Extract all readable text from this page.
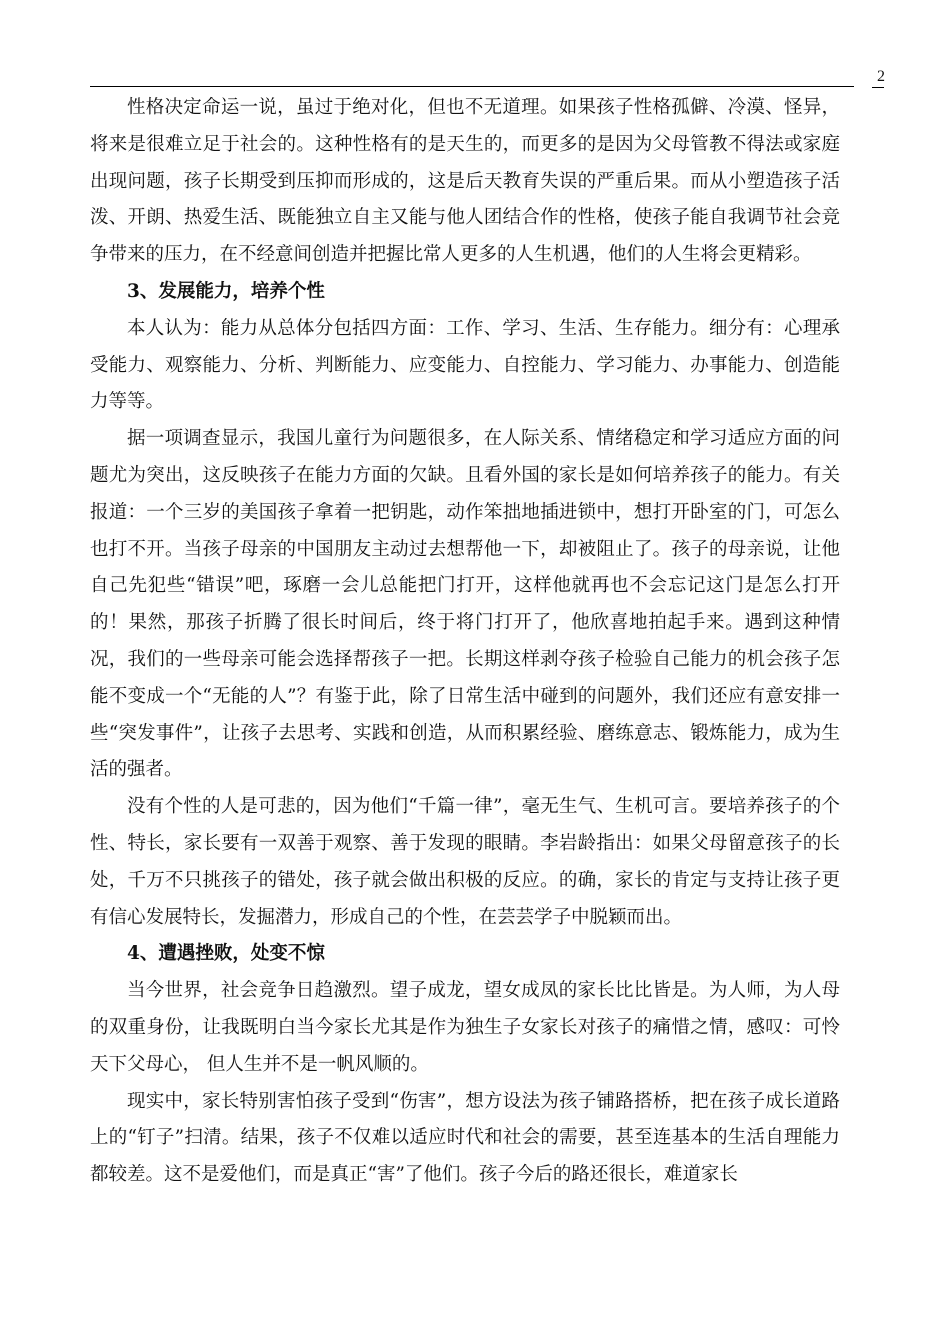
2

性格决定命运一说，虽过于绝对化，但也不无道理。如果孩子性格孤僻、冷漠、怪异，将来是很难立足于社会的。这种性格有的是天生的，而更多的是因为父母管教不得法或家庭出现问题，孩子长期受到压抑而形成的，这是后天教育失误的严重后果。而从小塑造孩子活泼、开朗、热爱生活、既能独立自主又能与他人团结合作的性格，使孩子能自我调节社会竞争带来的压力，在不经意间创造并把握比常人更多的人生机遇，他们的人生将会更精彩。

3、发展能力，培养个性

本人认为：能力从总体分包括四方面：工作、学习、生活、生存能力。细分有：心理承受能力、观察能力、分析、判断能力、应变能力、自控能力、学习能力、办事能力、创造能力等等。

据一项调查显示，我国儿童行为问题很多，在人际关系、情绪稳定和学习适应方面的问题尤为突出，这反映孩子在能力方面的欠缺。且看外国的家长是如何培养孩子的能力。有关报道：一个三岁的美国孩子拿着一把钥匙，动作笨拙地插进锁中，想打开卧室的门，可怎么也打不开。当孩子母亲的中国朋友主动过去想帮他一下，却被阻止了。孩子的母亲说，让他自己先犯些“错误”吧，琢磨一会儿总能把门打开，这样他就再也不会忘记这门是怎么打开的！果然，那孩子折腾了很长时间后，终于将门打开了，他欣喜地拍起手来。遇到这种情况，我们的一些母亲可能会选择帮孩子一把。长期这样剥夺孩子检验自己能力的机会孩子怎能不变成一个“无能的人”？有鉴于此，除了日常生活中碰到的问题外，我们还应有意安排一些“突发事件”，让孩子去思考、实践和创造，从而积累经验、磨练意志、锻炼能力，成为生活的强者。

没有个性的人是可悲的，因为他们“千篇一律”，毫无生气、生机可言。要培养孩子的个性、特长，家长要有一双善于观察、善于发现的眼睛。李岩龄指出：如果父母留意孩子的长处，千万不只挑孩子的错处，孩子就会做出积极的反应。的确，家长的肯定与支持让孩子更有信心发展特长，发掘潜力，形成自己的个性，在芸芸学子中脱颖而出。

4、遭遇挫败，处变不惊

当今世界，社会竞争日趋激烈。望子成龙，望女成凤的家长比比皆是。为人师，为人母的双重身份，让我既明白当今家长尤其是作为独生子女家长对孩子的痛惜之情，感叹：可怜天下父母心， 但人生并不是一帆风顺的。

现实中，家长特别害怕孩子受到“伤害”，想方设法为孩子铺路搭桥，把在孩子成长道路上的“钉子”扫清。结果，孩子不仅难以适应时代和社会的需要，甚至连基本的生活自理能力都较差。这不是爱他们，而是真正“害”了他们。孩子今后的路还很长，难道家长
